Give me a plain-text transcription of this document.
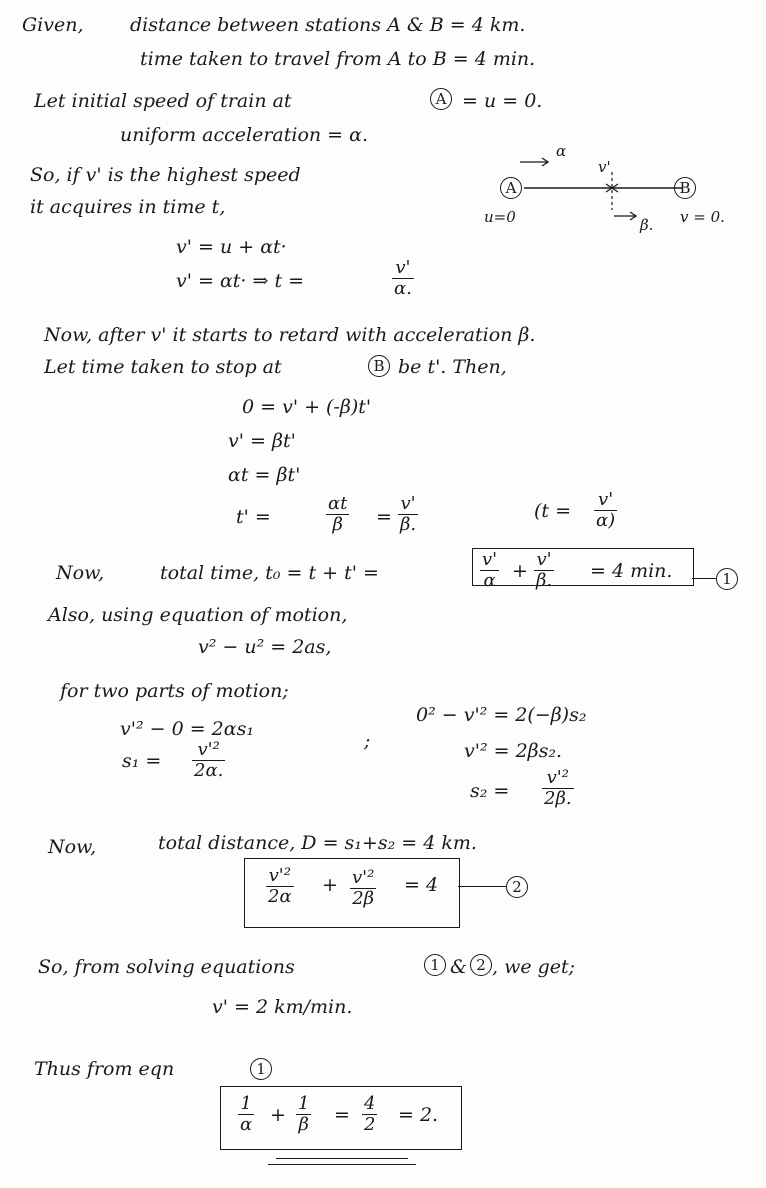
Given, distance between stations A & B = 4 km.
time taken to travel from A to B = 4 min.
Let initial speed of train at	A = u = 0.
uniform acceleration = α.
So, if v' is the highest speed
it acquires in time t,
v' = u + αt·
v' = αt· ⇒ t =	$\frac{v'}{\alpha.}$
A	B
α
v'
u=0	β. v = 0.
Now, after v' it starts to retard with acceleration β.
Let time taken to stop at	B be t'. Then,
0 = v' + (-β)t'
v' = βt'
αt = βt'
t' =	$\frac{\alpha t}{\beta} = \frac{v'}{\beta.}$	($t = \frac{v'}{\alpha)}$
Now,	total time, t₀ = t + t' =	$\frac{v'}{\alpha} + \frac{v'}{\beta.} = 4$ min.	1
Also, using equation of motion,
v² − u² = 2as,
for two parts of motion;
v'² − 0 = 2αs₁
$s_1 = \frac{\text{v'²}}{2\alpha.}$	;
0² − v'² = 2(−β)s₂
v'² = 2βs₂.
$s_2 = \frac{\text{v'²}}{2\beta.}$
Now,	total distance, D = s₁+s₂ = 4 km.
$\frac{\text{v'²}}{2\alpha} + \frac{\text{v'²}}{2\beta} = 4$	2
So, from solving equations	1 & 2 , we get;
v' = 2 km/min.
Thus from eqn	1
$\frac{1}{\alpha} + \frac{1}{\beta} = \frac{4}{2} = 2$.
